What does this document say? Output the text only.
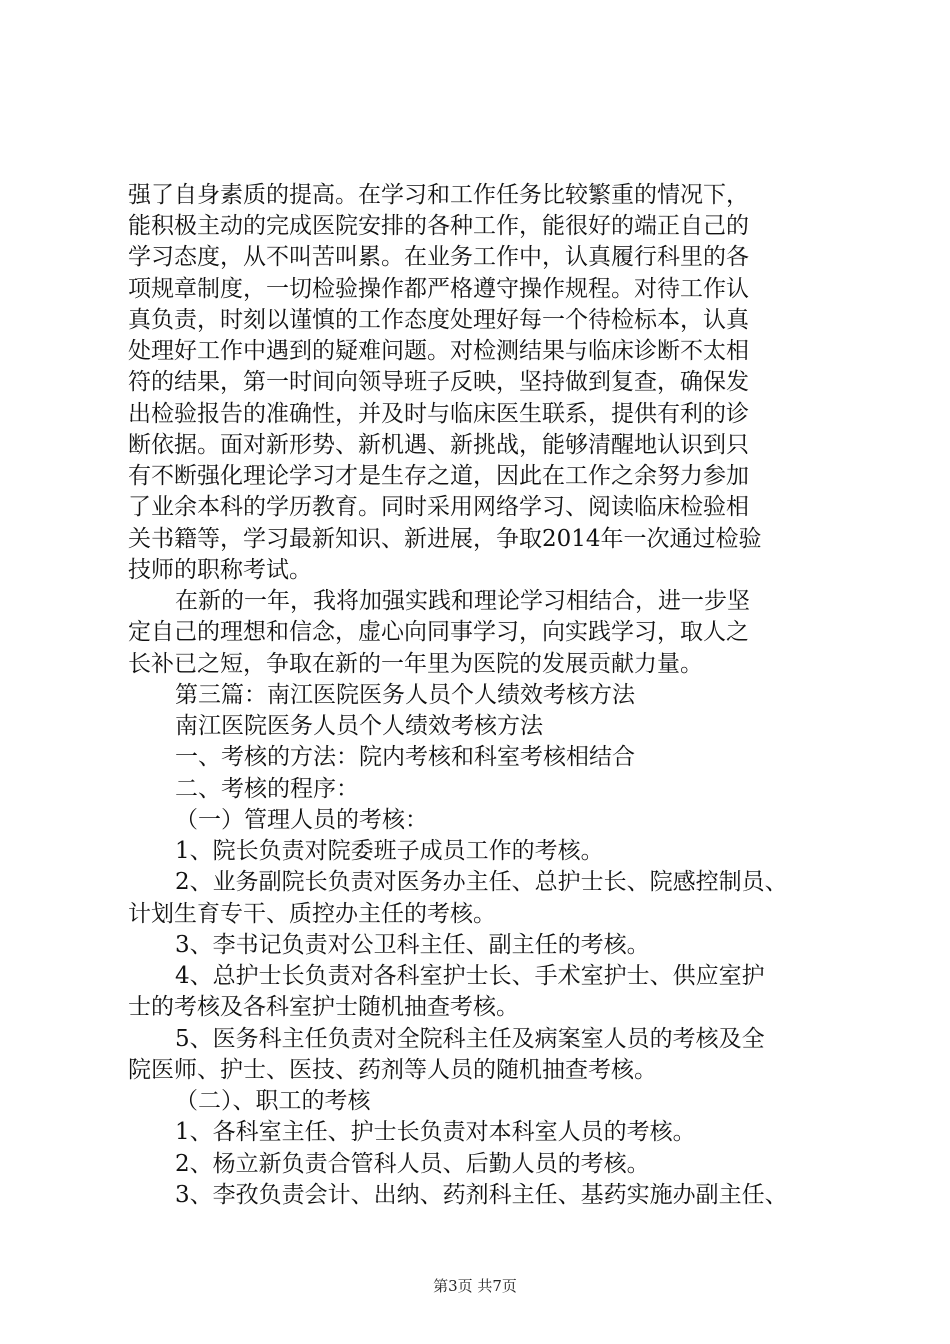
强了自身素质的提高。在学习和工作任务比较繁重的情况下，
能积极主动的完成医院安排的各种工作，能很好的端正自己的
学习态度，从不叫苦叫累。在业务工作中，认真履行科里的各
项规章制度，一切检验操作都严格遵守操作规程。对待工作认
真负责，时刻以谨慎的工作态度处理好每一个待检标本，认真
处理好工作中遇到的疑难问题。对检测结果与临床诊断不太相
符的结果，第一时间向领导班子反映，坚持做到复查，确保发
出检验报告的准确性，并及时与临床医生联系，提供有利的诊
断依据。面对新形势、新机遇、新挑战，能够清醒地认识到只
有不断强化理论学习才是生存之道，因此在工作之余努力参加
了业余本科的学历教育。同时采用网络学习、阅读临床检验相
关书籍等，学习最新知识、新进展，争取2014年一次通过检验
技师的职称考试。
在新的一年，我将加强实践和理论学习相结合，进一步坚
定自己的理想和信念，虚心向同事学习，向实践学习，取人之
长补已之短，争取在新的一年里为医院的发展贡献力量。
第三篇：南江医院医务人员个人绩效考核方法
南江医院医务人员个人绩效考核方法
一、考核的方法：院内考核和科室考核相结合
二、考核的程序：
（一）管理人员的考核：
1、院长负责对院委班子成员工作的考核。
2、业务副院长负责对医务办主任、总护士长、院感控制员、
计划生育专干、质控办主任的考核。
3、李书记负责对公卫科主任、副主任的考核。
4、总护士长负责对各科室护士长、手术室护士、供应室护
士的考核及各科室护士随机抽查考核。
5、医务科主任负责对全院科主任及病案室人员的考核及全
院医师、护士、医技、药剂等人员的随机抽查考核。
（二）、职工的考核
1、各科室主任、护士长负责对本科室人员的考核。
2、杨立新负责合管科人员、后勤人员的考核。
3、李孜负责会计、出纳、药剂科主任、基药实施办副主任、
第3页 共7页
